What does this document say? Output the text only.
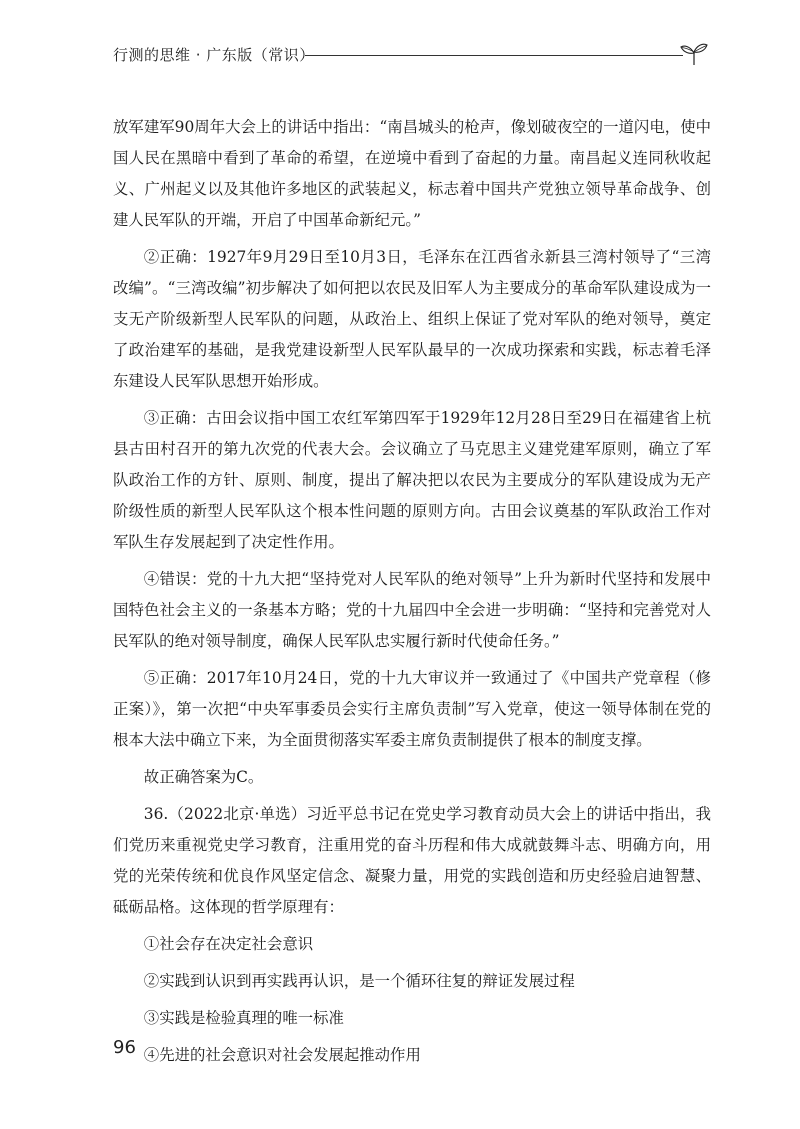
行测的思维 · 广东版（常识）

放军建军90周年大会上的讲话中指出：“南昌城头的枪声，像划破夜空的一道闪电，使中国人民在黑暗中看到了革命的希望，在逆境中看到了奋起的力量。南昌起义连同秋收起义、广州起义以及其他许多地区的武装起义，标志着中国共产党独立领导革命战争、创建人民军队的开端，开启了中国革命新纪元。”

②正确：1927年9月29日至10月3日，毛泽东在江西省永新县三湾村领导了“三湾改编”。“三湾改编”初步解决了如何把以农民及旧军人为主要成分的革命军队建设成为一支无产阶级新型人民军队的问题，从政治上、组织上保证了党对军队的绝对领导，奠定了政治建军的基础，是我党建设新型人民军队最早的一次成功探索和实践，标志着毛泽东建设人民军队思想开始形成。

③正确：古田会议指中国工农红军第四军于1929年12月28日至29日在福建省上杭县古田村召开的第九次党的代表大会。会议确立了马克思主义建党建军原则，确立了军队政治工作的方针、原则、制度，提出了解决把以农民为主要成分的军队建设成为无产阶级性质的新型人民军队这个根本性问题的原则方向。古田会议奠基的军队政治工作对军队生存发展起到了决定性作用。

④错误：党的十九大把“坚持党对人民军队的绝对领导”上升为新时代坚持和发展中国特色社会主义的一条基本方略；党的十九届四中全会进一步明确：“坚持和完善党对人民军队的绝对领导制度，确保人民军队忠实履行新时代使命任务。”

⑤正确：2017年10月24日，党的十九大审议并一致通过了《中国共产党章程（修正案）》，第一次把“中央军事委员会实行主席负责制”写入党章，使这一领导体制在党的根本大法中确立下来，为全面贯彻落实军委主席负责制提供了根本的制度支撑。

故正确答案为C。

36.（2022北京·单选）习近平总书记在党史学习教育动员大会上的讲话中指出，我们党历来重视党史学习教育，注重用党的奋斗历程和伟大成就鼓舞斗志、明确方向，用党的光荣传统和优良作风坚定信念、凝聚力量，用党的实践创造和历史经验启迪智慧、砥砺品格。这体现的哲学原理有：

①社会存在决定社会意识

②实践到认识到再实践再认识，是一个循环往复的辩证发展过程

③实践是检验真理的唯一标准

④先进的社会意识对社会发展起推动作用

96
